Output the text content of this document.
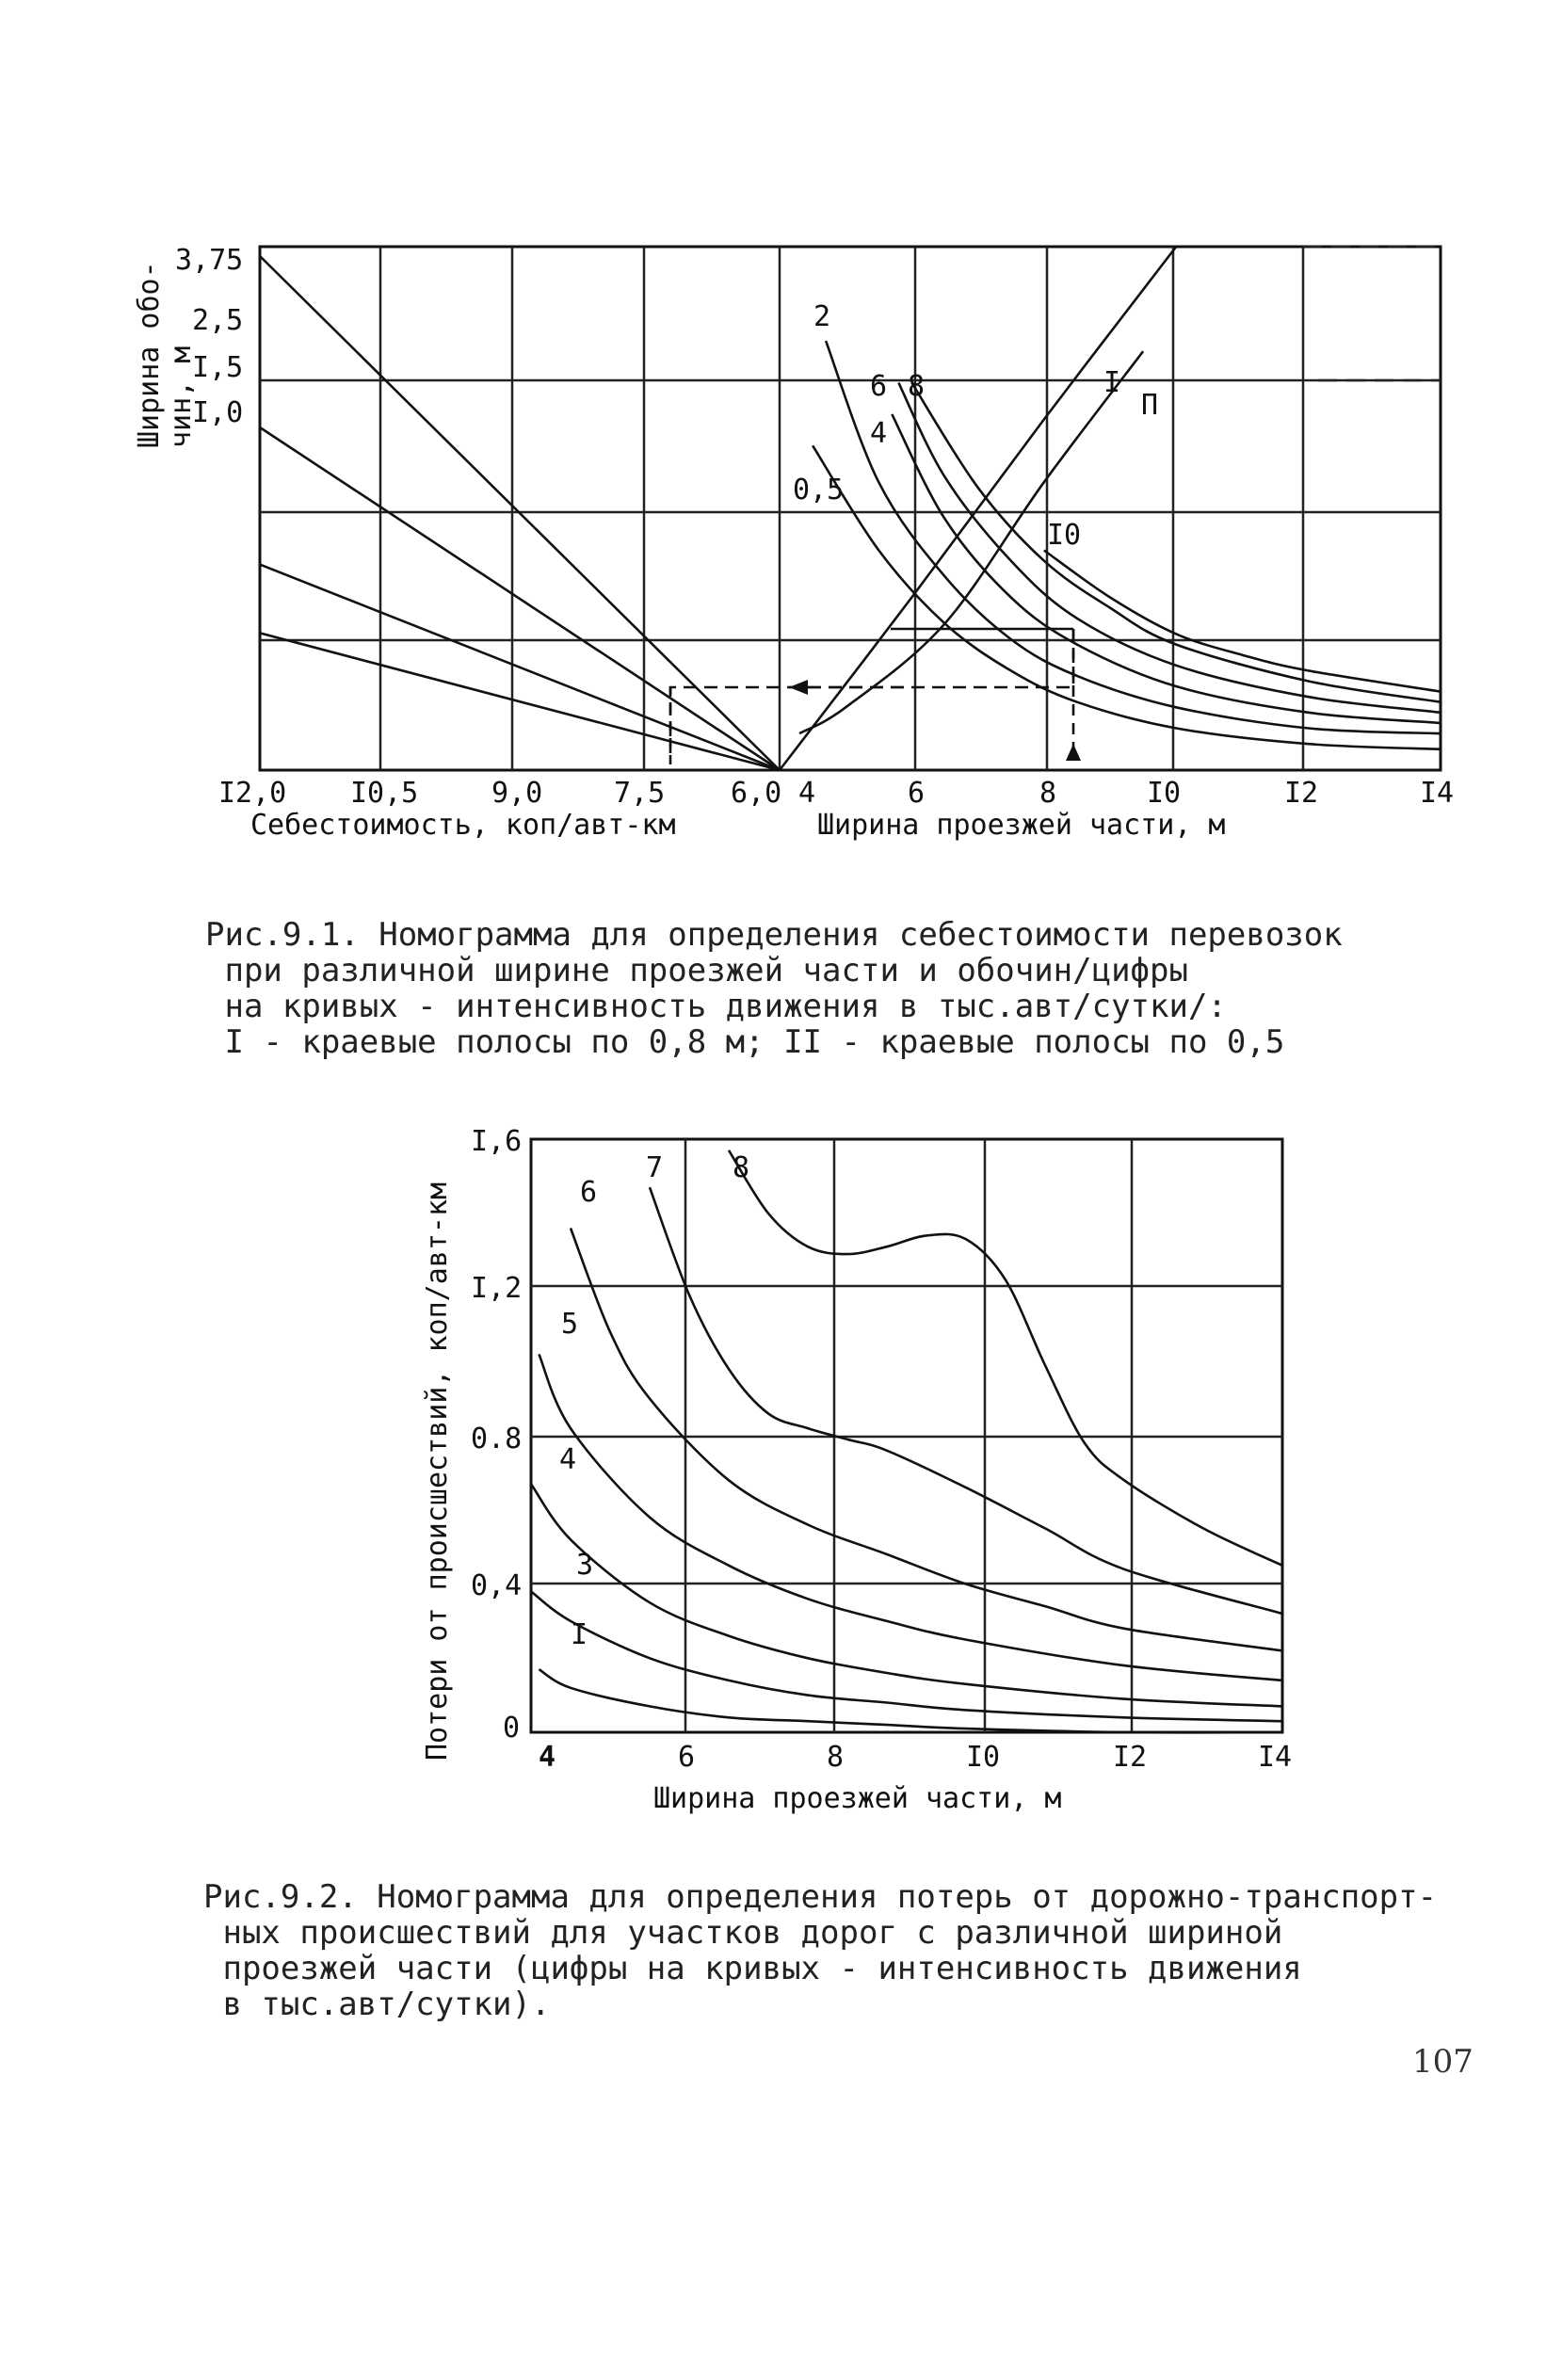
I2,0 I0,5	9,0	7,5 6,0 4	6	8	I0	I2	I4
3,75
2,5
I,5
I,0
Себестоимость, коп/авт-км	Ширина проезжей части, м
Ширина обо- чин, м
2
6 8
4
0,5
I0
I
П
0
0,4
0.8
I,2
I,6
4	6	8	I0	I2	I4
Ширина проезжей части, м
Потери от происшествий, коп/авт-км	I
3
4
5
6
7 8
Рис.9.1. Номограмма для определения себестоимости перевозок
при различной ширине проезжей части и обочин/цифры
на кривых - интенсивность движения в тыс.авт/сутки/:
I - краевые полосы по 0,8 м; II - краевые полосы по 0,5
Рис.9.2. Номограмма для определения потерь от дорожно-транспорт-
ных происшествий для участков дорог с различной шириной
проезжей части (цифры на кривых - интенсивность движения
в тыс.авт/сутки).
107
